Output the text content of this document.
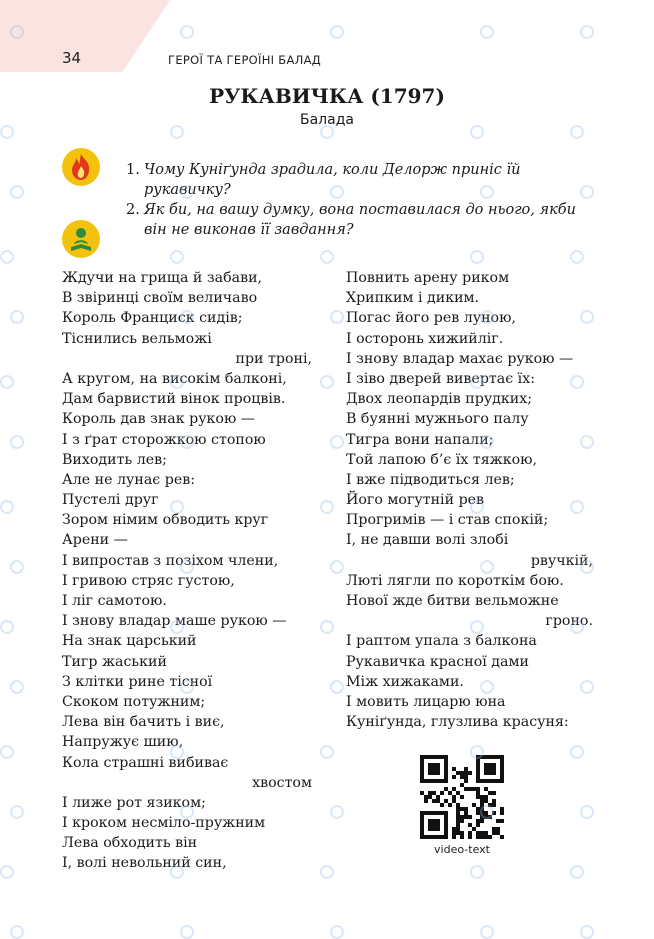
34	ГЕРОЇ ТА ГЕРОЇНІ БАЛАД
РУКАВИЧКА (1797)
Балада
1. Чому Куніґунда зрадила, коли Делорж приніс їй рукавичку?
2. Як би, на вашу думку, вона поставилася до нього, якби він не виконав її завдання?
Ждучи на грища й забави,
В звіринці своїм величаво
Король Франциск сидів;
Тіснились вельможі
при троні,
А кругом, на високім балконі,
Дам барвистий вінок процвів.
Король дав знак рукою —
І з ґрат сторожкою стопою
Виходить лев;
Але не лунає рев:
Пустелі друг
Зором німим обводить круг
Арени —
І випростав з позіхом члени,
І гривою стряс густою,
І ліг самотою.
І знову владар маше рукою —
На знак царський
Тигр жаський
З клітки рине тісної
Скоком потужним;
Лева він бачить і виє,
Напружує шию,
Кола страшні вибиває
хвостом
І лиже рот язиком;
І кроком несміло-пружним
Лева обходить він
І, волі невольний син,
Повнить арену риком
Хрипким і диким.
Погас його рев луною,
І осторонь хижийліг.
І знову владар махає рукою —
І зіво дверей вивертає їх:
Двох леопардів прудких;
В буянні мужнього палу
Тигра вони напали;
Той лапою б’є їх тяжкою,
І вже підводиться лев;
Його могутній рев
Прогримів — і став спокій;
І, не давши волі злобі
рвучкій,
Люті лягли по короткім бою.
Нової жде битви вельможне
гроно.
І раптом упала з балкона
Рукавичка красної дами
Між хижаками.
І мовить лицарю юна
Куніґунда, глузлива красуня:
video-text
